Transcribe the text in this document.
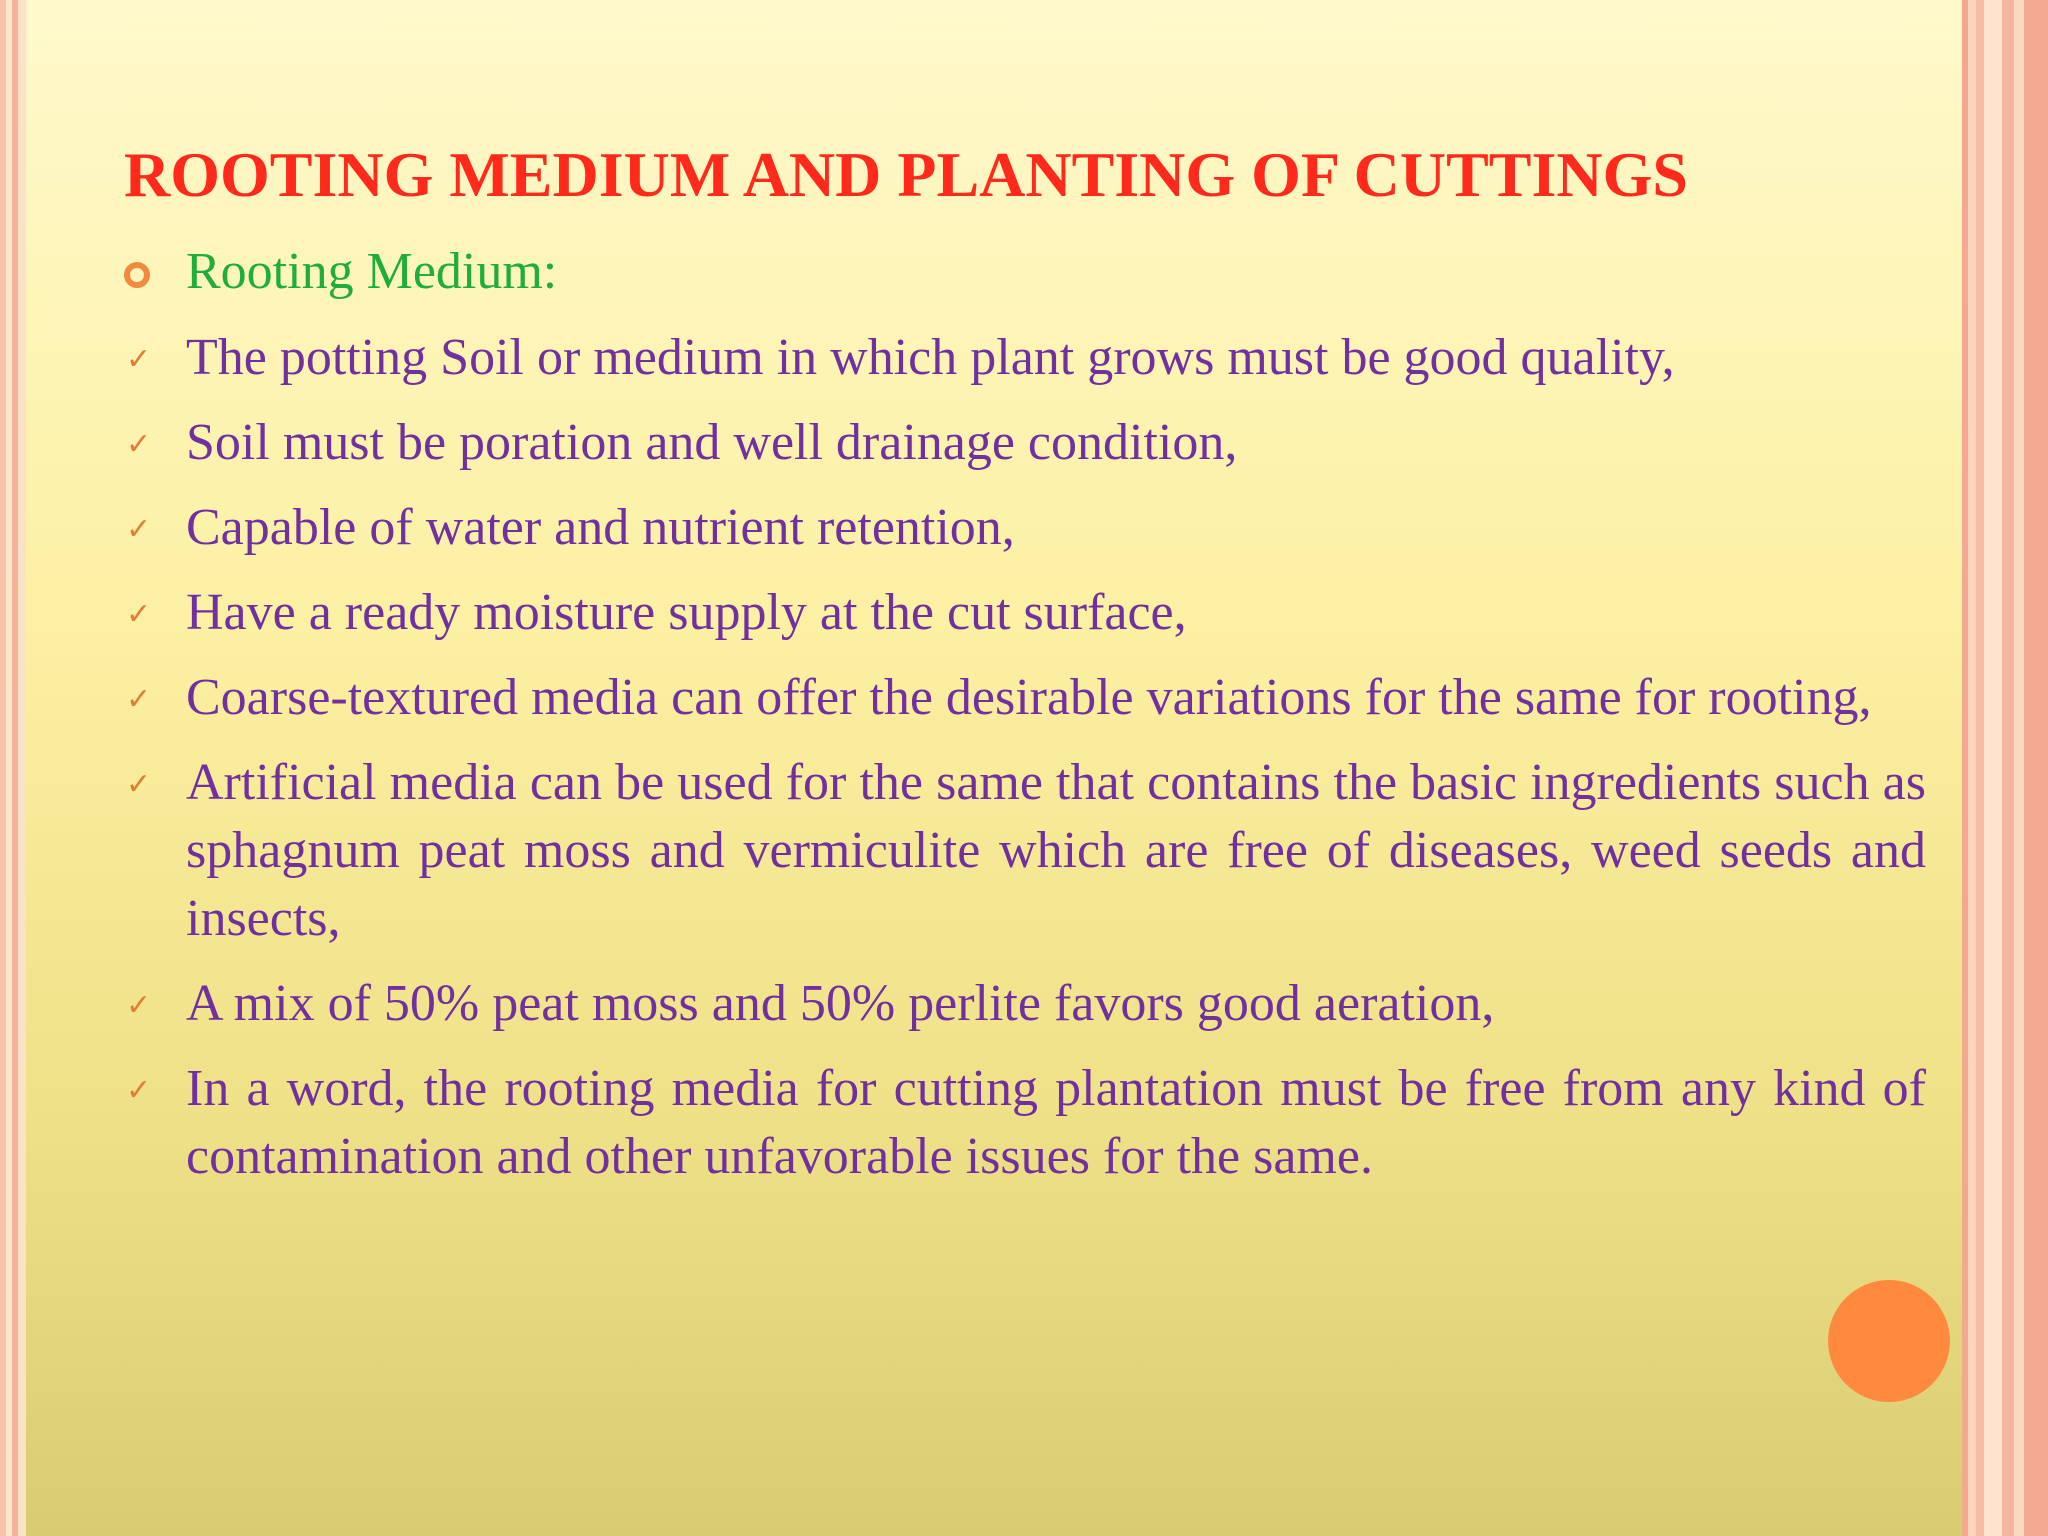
ROOTING MEDIUM AND PLANTING OF CUTTINGS
Rooting Medium:
✓ The potting Soil or medium in which plant grows must be good quality,
✓ Soil must be poration and well drainage condition,
✓ Capable of water and nutrient retention,
✓ Have a ready moisture supply at the cut surface,
✓ Coarse-textured media can offer the desirable variations for the same for rooting,
✓ Artificial media can be used for the same that contains the basic ingredients such as sphagnum peat moss and vermiculite which are free of diseases, weed seeds and insects,
✓ A mix of 50% peat moss and 50% perlite favors good aeration,
✓ In a word, the rooting media for cutting plantation must be free from any kind of contamination and other unfavorable issues for the same.
